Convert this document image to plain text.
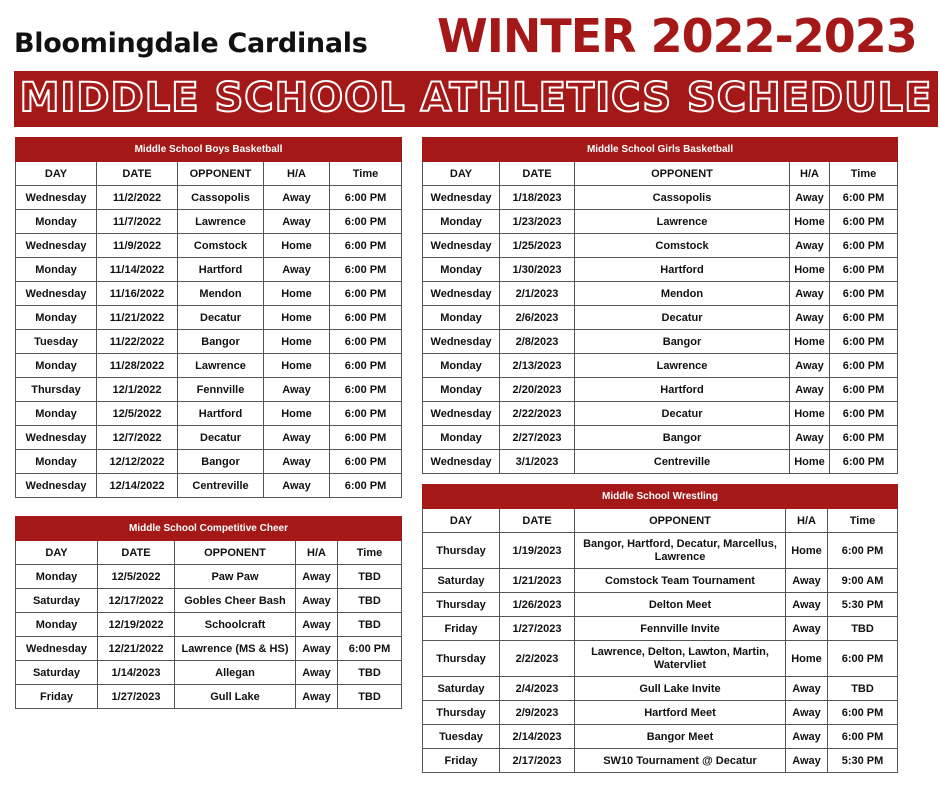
Bloomingdale Cardinals WINTER 2022-2023
MIDDLE SCHOOL ATHLETICS SCHEDULE
Middle School Boys Basketball				
DAY	DATE	OPPONENT	H/A	Time
Wednesday	11/2/2022	Cassopolis	Away	6:00 PM
Monday	11/7/2022	Lawrence	Away	6:00 PM
Wednesday	11/9/2022	Comstock	Home	6:00 PM
Monday	11/14/2022	Hartford	Away	6:00 PM
Wednesday	11/16/2022	Mendon	Home	6:00 PM
Monday	11/21/2022	Decatur	Home	6:00 PM
Tuesday	11/22/2022	Bangor	Home	6:00 PM
Monday	11/28/2022	Lawrence	Home	6:00 PM
Thursday	12/1/2022	Fennville	Away	6:00 PM
Monday	12/5/2022	Hartford	Home	6:00 PM
Wednesday	12/7/2022	Decatur	Away	6:00 PM
Monday	12/12/2022	Bangor	Away	6:00 PM
Wednesday	12/14/2022	Centreville	Away	6:00 PM
Middle School Competitive Cheer				
DAY	DATE	OPPONENT	H/A	Time
Monday	12/5/2022	Paw Paw	Away	TBD
Saturday	12/17/2022	Gobles Cheer Bash	Away	TBD
Monday	12/19/2022	Schoolcraft	Away	TBD
Wednesday	12/21/2022	Lawrence (MS & HS)	Away	6:00 PM
Saturday	1/14/2023	Allegan	Away	TBD
Friday	1/27/2023	Gull Lake	Away	TBD
Middle School Girls Basketball				
DAY	DATE	OPPONENT	H/A	Time
Wednesday	1/18/2023	Cassopolis	Away	6:00 PM
Monday	1/23/2023	Lawrence	Home	6:00 PM
Wednesday	1/25/2023	Comstock	Away	6:00 PM
Monday	1/30/2023	Hartford	Home	6:00 PM
Wednesday	2/1/2023	Mendon	Away	6:00 PM
Monday	2/6/2023	Decatur	Away	6:00 PM
Wednesday	2/8/2023	Bangor	Home	6:00 PM
Monday	2/13/2023	Lawrence	Away	6:00 PM
Monday	2/20/2023	Hartford	Away	6:00 PM
Wednesday	2/22/2023	Decatur	Home	6:00 PM
Monday	2/27/2023	Bangor	Away	6:00 PM
Wednesday	3/1/2023	Centreville	Home	6:00 PM
Middle School Wrestling				
DAY	DATE	OPPONENT	H/A	Time
Thursday	1/19/2023	Bangor, Hartford, Decatur, Marcellus, Lawrence	Home	6:00 PM
Saturday	1/21/2023	Comstock Team Tournament	Away	9:00 AM
Thursday	1/26/2023	Delton Meet	Away	5:30 PM
Friday	1/27/2023	Fennville Invite	Away	TBD
Thursday	2/2/2023	Lawrence, Delton, Lawton, Martin, Watervliet	Home	6:00 PM
Saturday	2/4/2023	Gull Lake Invite	Away	TBD
Thursday	2/9/2023	Hartford Meet	Away	6:00 PM
Tuesday	2/14/2023	Bangor Meet	Away	6:00 PM
Friday	2/17/2023	SW10 Tournament @ Decatur	Away	5:30 PM
